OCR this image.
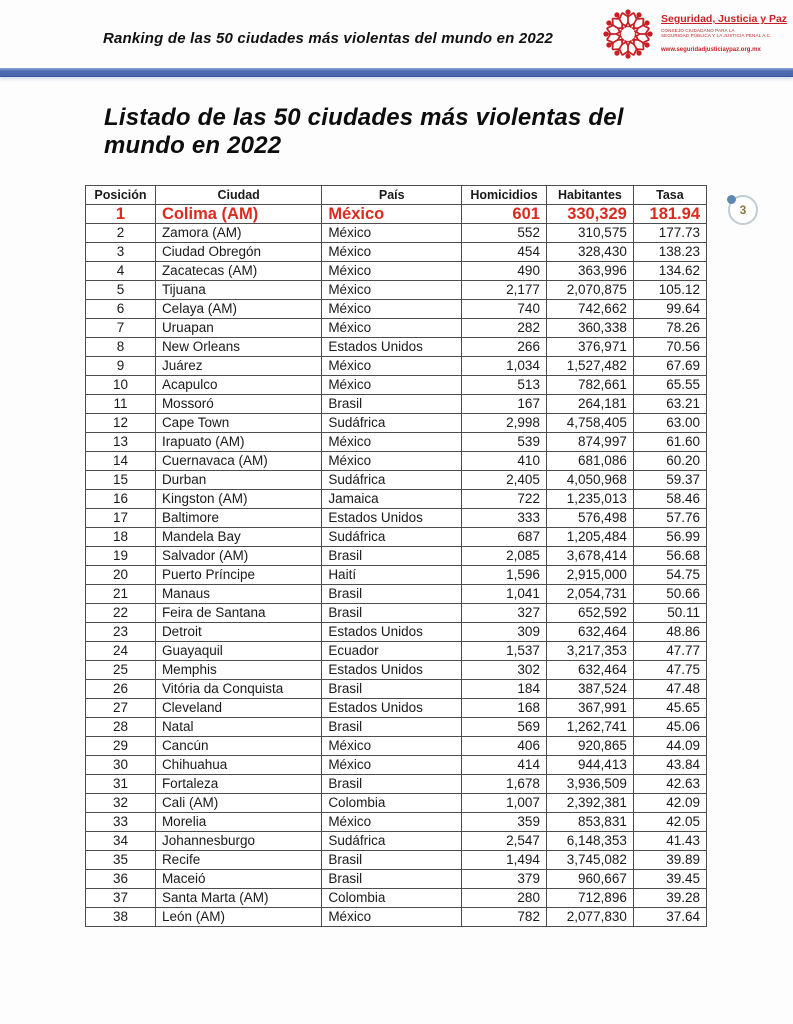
Ranking de las 50 ciudades más violentas del mundo en 2022
Seguridad, Justicia y Paz
CONSEJO CIUDADANO PARA LA
SEGURIDAD PÚBLICA Y LA JUSTICIA PENAL A.C.
www.seguridadjusticiaypaz.org.mx
Listado de las 50 ciudades más violentas del mundo en 2022
3
Posición	Ciudad	País	Homicidios	Habitantes	Tasa
1	Colima (AM)	México	601	330,329	181.94
2	Zamora (AM)	México	552	310,575	177.73
3	Ciudad Obregón	México	454	328,430	138.23
4	Zacatecas (AM)	México	490	363,996	134.62
5	Tijuana	México	2,177	2,070,875	105.12
6	Celaya (AM)	México	740	742,662	99.64
7	Uruapan	México	282	360,338	78.26
8	New Orleans	Estados Unidos	266	376,971	70.56
9	Juárez	México	1,034	1,527,482	67.69
10	Acapulco	México	513	782,661	65.55
11	Mossoró	Brasil	167	264,181	63.21
12	Cape Town	Sudáfrica	2,998	4,758,405	63.00
13	Irapuato (AM)	México	539	874,997	61.60
14	Cuernavaca (AM)	México	410	681,086	60.20
15	Durban	Sudáfrica	2,405	4,050,968	59.37
16	Kingston (AM)	Jamaica	722	1,235,013	58.46
17	Baltimore	Estados Unidos	333	576,498	57.76
18	Mandela Bay	Sudáfrica	687	1,205,484	56.99
19	Salvador (AM)	Brasil	2,085	3,678,414	56.68
20	Puerto Príncipe	Haití	1,596	2,915,000	54.75
21	Manaus	Brasil	1,041	2,054,731	50.66
22	Feira de Santana	Brasil	327	652,592	50.11
23	Detroit	Estados Unidos	309	632,464	48.86
24	Guayaquil	Ecuador	1,537	3,217,353	47.77
25	Memphis	Estados Unidos	302	632,464	47.75
26	Vitória da Conquista	Brasil	184	387,524	47.48
27	Cleveland	Estados Unidos	168	367,991	45.65
28	Natal	Brasil	569	1,262,741	45.06
29	Cancún	México	406	920,865	44.09
30	Chihuahua	México	414	944,413	43.84
31	Fortaleza	Brasil	1,678	3,936,509	42.63
32	Cali (AM)	Colombia	1,007	2,392,381	42.09
33	Morelia	México	359	853,831	42.05
34	Johannesburgo	Sudáfrica	2,547	6,148,353	41.43
35	Recife	Brasil	1,494	3,745,082	39.89
36	Maceió	Brasil	379	960,667	39.45
37	Santa Marta (AM)	Colombia	280	712,896	39.28
38	León (AM)	México	782	2,077,830	37.64
